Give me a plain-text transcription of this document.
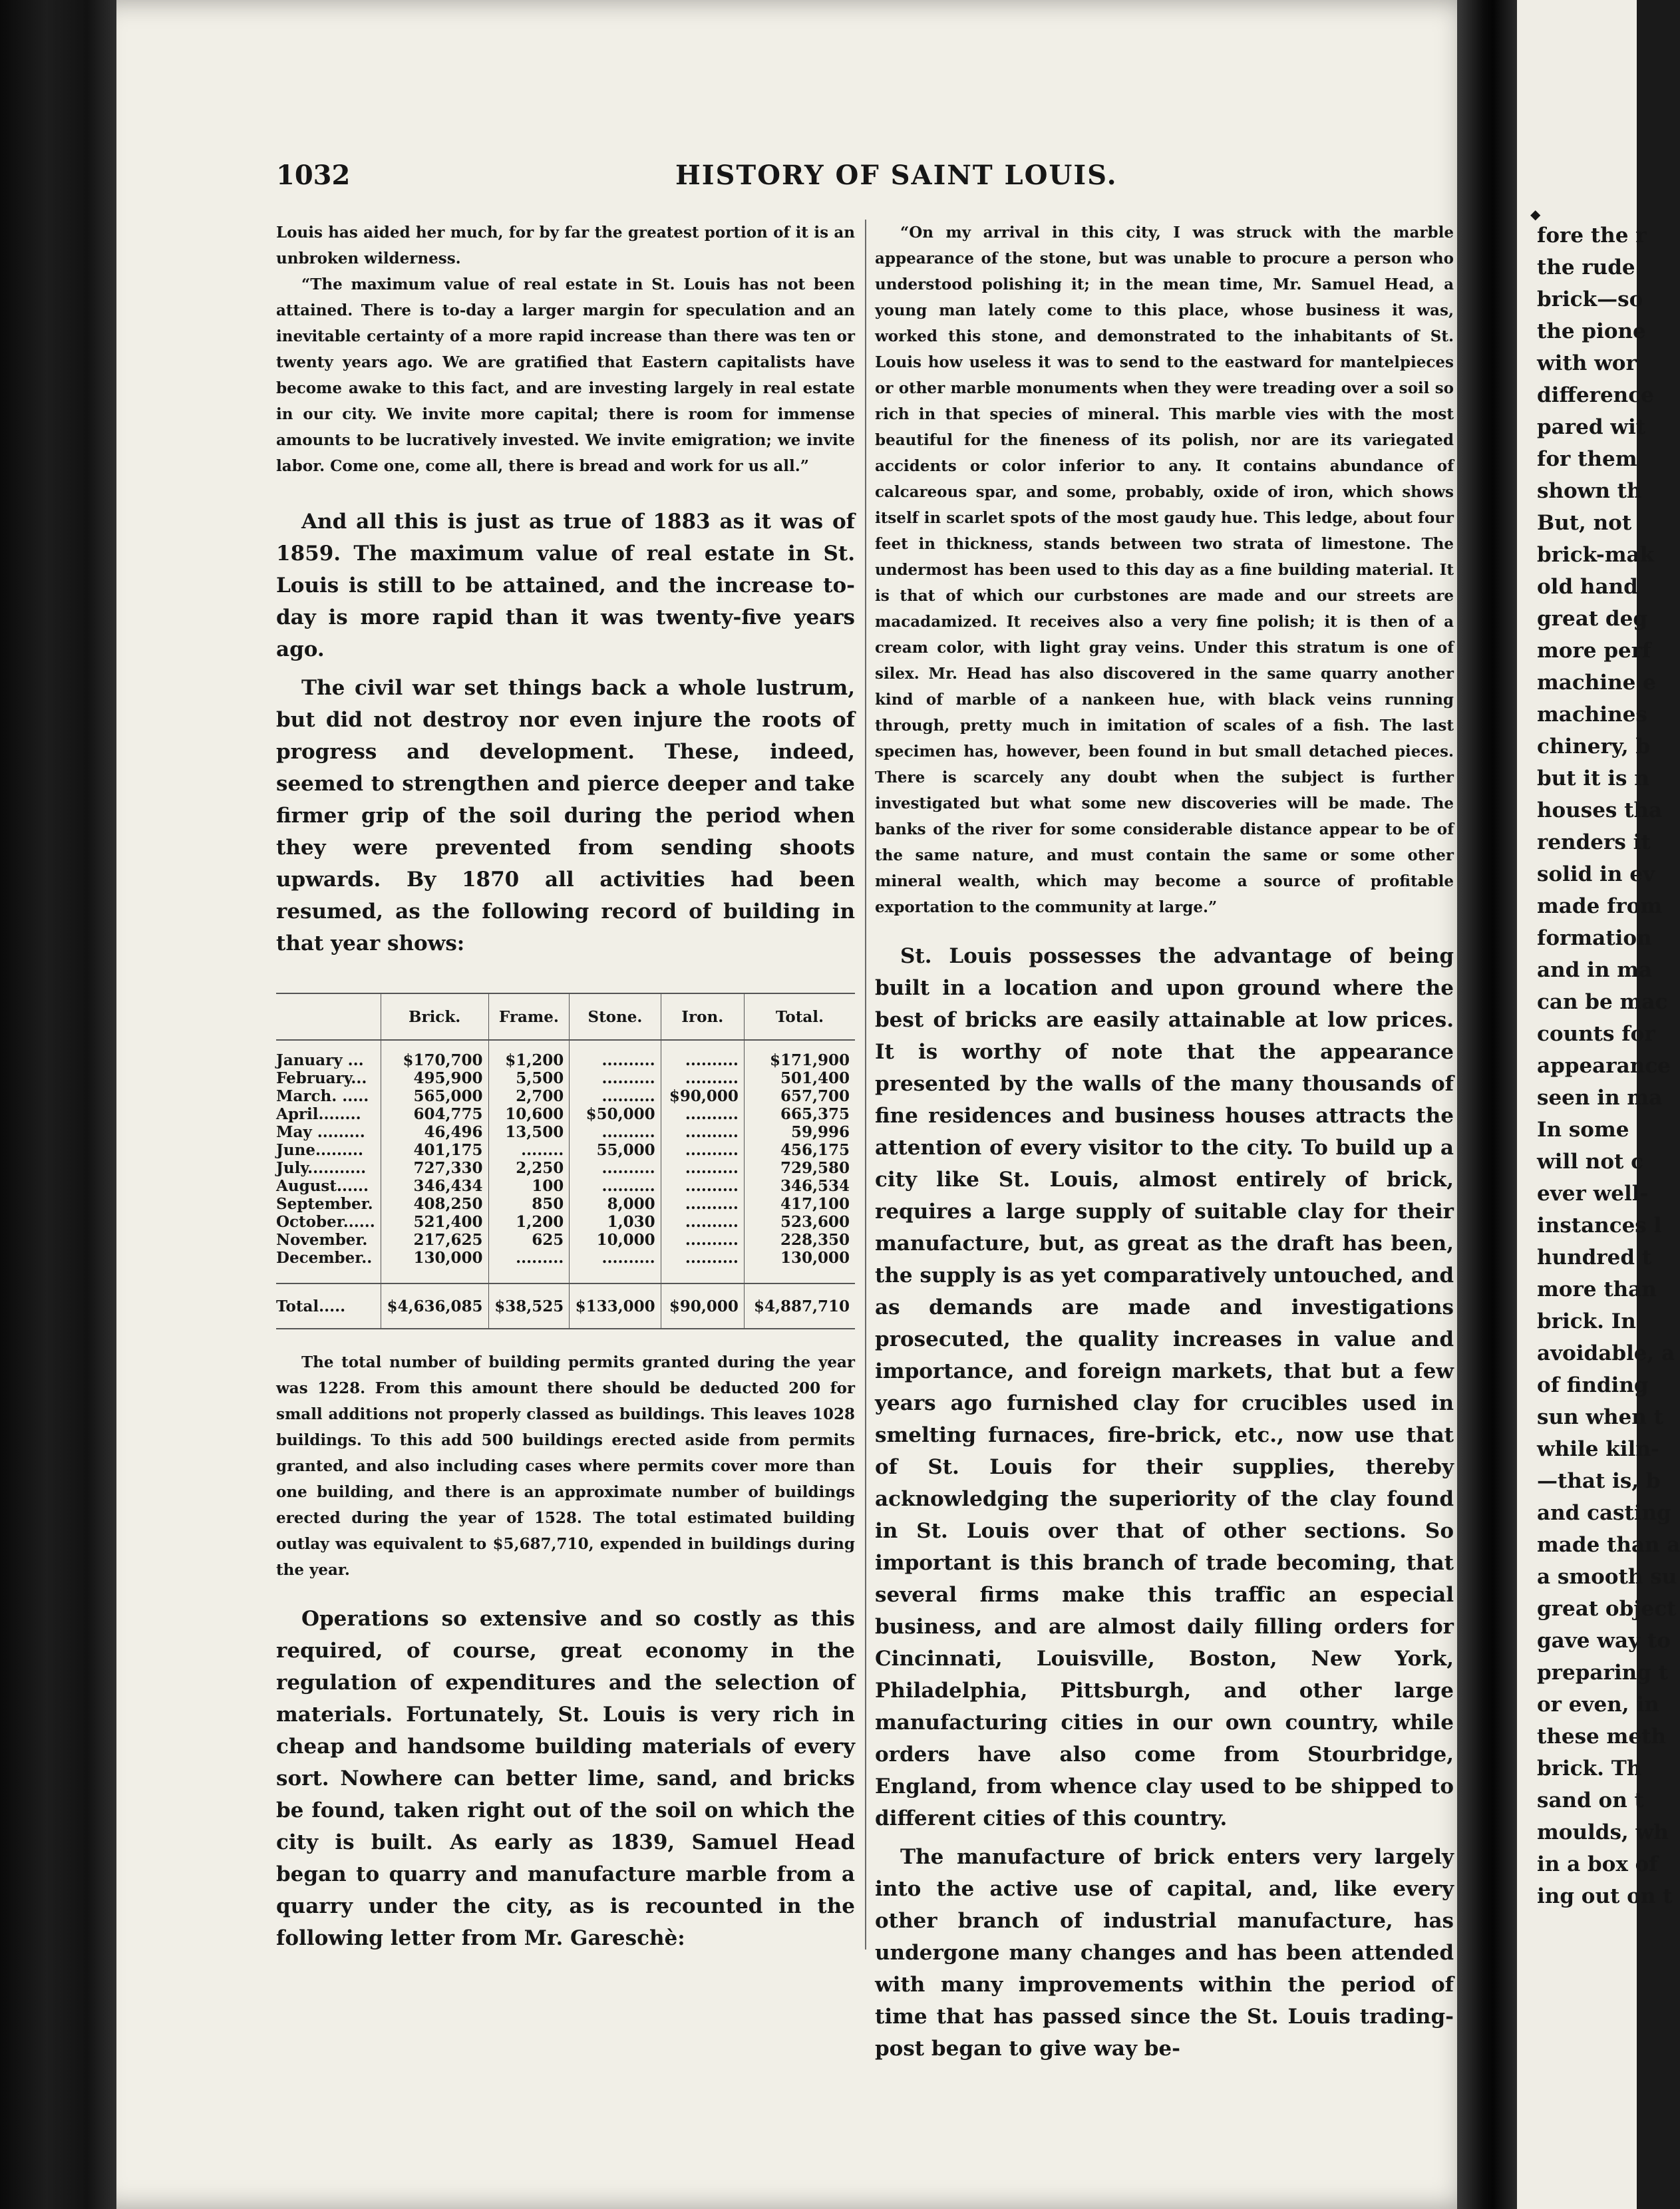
1032	HISTORY OF SAINT LOUIS.

Louis has aided her much, for by far the greatest portion of it is an unbroken wilderness.

“The maximum value of real estate in St. Louis has not been attained. There is to-day a larger margin for speculation and an inevitable certainty of a more rapid increase than there was ten or twenty years ago. We are gratified that Eastern capitalists have become awake to this fact, and are investing largely in real estate in our city. We invite more capital; there is room for immense amounts to be lucratively invested. We invite emigration; we invite labor. Come one, come all, there is bread and work for us all.”

And all this is just as true of 1883 as it was of 1859. The maximum value of real estate in St. Louis is still to be attained, and the increase to-day is more rapid than it was twenty-five years ago.

The civil war set things back a whole lustrum, but did not destroy nor even injure the roots of progress and development. These, indeed, seemed to strengthen and pierce deeper and take firmer grip of the soil during the period when they were prevented from sending shoots upwards. By 1870 all activities had been resumed, as the following record of building in that year shows:

	Brick.	Frame.	Stone.	Iron.	Total.
January ...	$170,700	$1,200	..........	..........	$171,900
February...	495,900	5,500	..........	..........	501,400
March. .....	565,000	2,700	..........	$90,000	657,700
April........	604,775	10,600	$50,000	..........	665,375
May .........	46,496	13,500	..........	..........	59,996
June.........	401,175	........	55,000	..........	456,175
July...........	727,330	2,250	..........	..........	729,580
August......	346,434	100	..........	..........	346,534
September.	408,250	850	8,000	..........	417,100
October......	521,400	1,200	1,030	..........	523,600
November.	217,625	625	10,000	..........	228,350
December..	130,000	.........	..........	..........	130,000

Total.....	$4,636,085	$38,525	$133,000	$90,000	$4,887,710

The total number of building permits granted during the year was 1228. From this amount there should be deducted 200 for small additions not properly classed as buildings. This leaves 1028 buildings. To this add 500 buildings erected aside from permits granted, and also including cases where permits cover more than one building, and there is an approximate number of buildings erected during the year of 1528. The total estimated building outlay was equivalent to $5,687,710, expended in buildings during the year.

Operations so extensive and so costly as this required, of course, great economy in the regulation of expenditures and the selection of materials. Fortunately, St. Louis is very rich in cheap and handsome building materials of every sort. Nowhere can better lime, sand, and bricks be found, taken right out of the soil on which the city is built. As early as 1839, Samuel Head began to quarry and manufacture marble from a quarry under the city, as is recounted in the following letter from Mr. Gareschè:

“On my arrival in this city, I was struck with the marble appearance of the stone, but was unable to procure a person who understood polishing it; in the mean time, Mr. Samuel Head, a young man lately come to this place, whose business it was, worked this stone, and demonstrated to the inhabitants of St. Louis how useless it was to send to the eastward for mantelpieces or other marble monuments when they were treading over a soil so rich in that species of mineral. This marble vies with the most beautiful for the fineness of its polish, nor are its variegated accidents or color inferior to any. It contains abundance of calcareous spar, and some, probably, oxide of iron, which shows itself in scarlet spots of the most gaudy hue. This ledge, about four feet in thickness, stands between two strata of limestone. The undermost has been used to this day as a fine building material. It is that of which our curbstones are made and our streets are macadamized. It receives also a very fine polish; it is then of a cream color, with light gray veins. Under this stratum is one of silex. Mr. Head has also discovered in the same quarry another kind of marble of a nankeen hue, with black veins running through, pretty much in imitation of scales of a fish. The last specimen has, however, been found in but small detached pieces. There is scarcely any doubt when the subject is further investigated but what some new discoveries will be made. The banks of the river for some considerable distance appear to be of the same nature, and must contain the same or some other mineral wealth, which may become a source of profitable exportation to the community at large.”

St. Louis possesses the advantage of being built in a location and upon ground where the best of bricks are easily attainable at low prices. It is worthy of note that the appearance presented by the walls of the many thousands of fine residences and business houses attracts the attention of every visitor to the city. To build up a city like St. Louis, almost entirely of brick, requires a large supply of suitable clay for their manufacture, but, as great as the draft has been, the supply is as yet comparatively untouched, and as demands are made and investigations prosecuted, the quality increases in value and importance, and foreign markets, that but a few years ago furnished clay for crucibles used in smelting furnaces, fire-brick, etc., now use that of St. Louis for their supplies, thereby acknowledging the superiority of the clay found in St. Louis over that of other sections. So important is this branch of trade becoming, that several firms make this traffic an especial business, and are almost daily filling orders for Cincinnati, Louisville, Boston, New York, Philadelphia, Pittsburgh, and other large manufacturing cities in our own country, while orders have also come from Stourbridge, England, from whence clay used to be shipped to different cities of this country.

The manufacture of brick enters very largely into the active use of capital, and, like every other branch of industrial manufacture, has undergone many changes and has been attended with many improvements within the period of time that has passed since the St. Louis trading-post began to give way be-

◆
fore the r
the rude
brick—so
the pione
with wor
difference
pared wit
for them
shown th
But, not
brick-mak
old hand
great deg
more perf
machine e
machines
chinery, b
but it is n
houses tha
renders it
solid in ev
made from
formation
and in ma
can be mac
counts for
appearance
seen in ma
In some
will not c
ever well-
instances l
hundred t
more than
brick. In
avoidable, a
of finding
sun when t
while kiln-
—that is, b
and casting
made than a
a smooth su
great object
gave way to
preparing t
or even, in
these meth
brick. Th
sand on t
moulds, wh
in a box of
ing out on t
